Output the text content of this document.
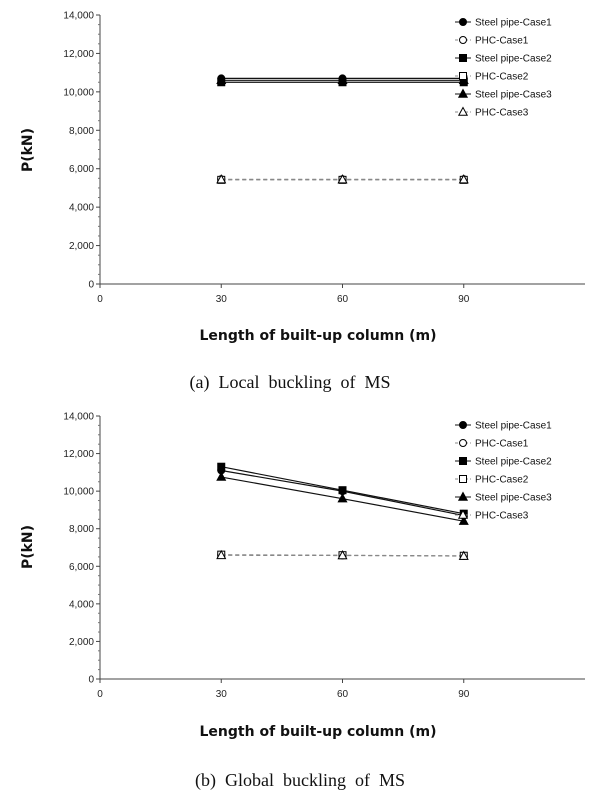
P(kN)
Length of built-up column (m)
(a)  Local  buckling  of  MS
0
2,000
4,000
6,000
8,000
10,000
12,000
14,000
0	30	60	90
Steel pipe-Case1
PHC-Case1
Steel pipe-Case2
PHC-Case2
Steel pipe-Case3
PHC-Case3
P(kN)
Length of built-up column (m)
(b)  Global  buckling  of  MS
0
2,000
4,000
6,000
8,000
10,000
12,000
14,000
0	30	60	90
Steel pipe-Case1
PHC-Case1
Steel pipe-Case2
PHC-Case2
Steel pipe-Case3
PHC-Case3
